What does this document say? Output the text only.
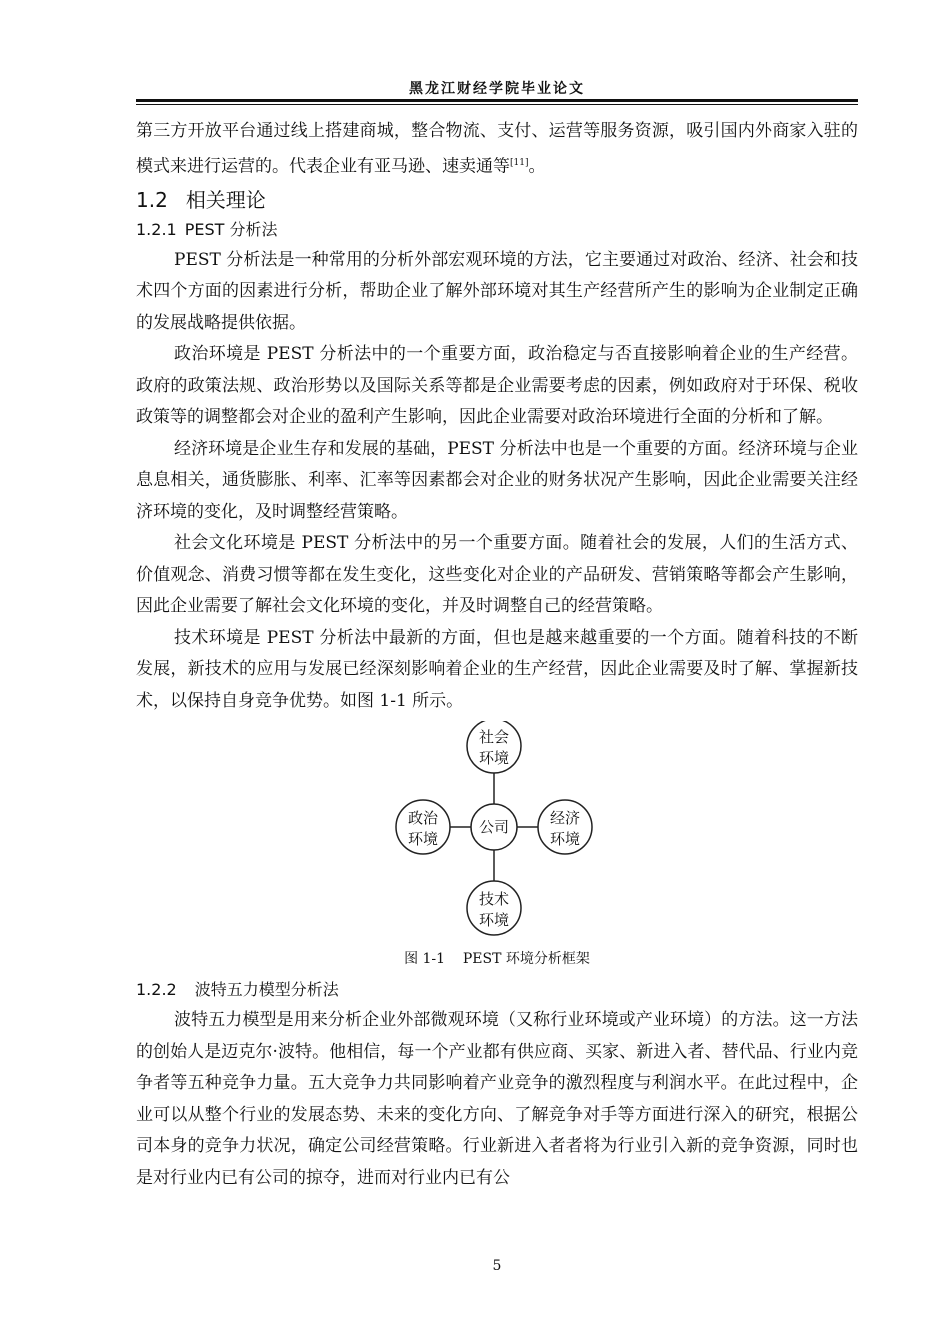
黑龙江财经学院毕业论文

第三方开放平台通过线上搭建商城，整合物流、支付、运营等服务资源，吸引国内外商家入驻的模式来进行运营的。代表企业有亚马逊、速卖通等[11]。

1.2 相关理论
1.2.1 PEST 分析法

PEST 分析法是一种常用的分析外部宏观环境的方法，它主要通过对政治、经济、社会和技术四个方面的因素进行分析，帮助企业了解外部环境对其生产经营所产生的影响为企业制定正确的发展战略提供依据。

政治环境是 PEST 分析法中的一个重要方面，政治稳定与否直接影响着企业的生产经营。政府的政策法规、政治形势以及国际关系等都是企业需要考虑的因素，例如政府对于环保、税收政策等的调整都会对企业的盈利产生影响，因此企业需要对政治环境进行全面的分析和了解。

经济环境是企业生存和发展的基础，PEST 分析法中也是一个重要的方面。经济环境与企业息息相关，通货膨胀、利率、汇率等因素都会对企业的财务状况产生影响，因此企业需要关注经济环境的变化，及时调整经营策略。

社会文化环境是 PEST 分析法中的另一个重要方面。随着社会的发展，人们的生活方式、价值观念、消费习惯等都在发生变化，这些变化对企业的产品研发、营销策略等都会产生影响，因此企业需要了解社会文化环境的变化，并及时调整自己的经营策略。

技术环境是 PEST 分析法中最新的方面，但也是越来越重要的一个方面。随着科技的不断发展，新技术的应用与发展已经深刻影响着企业的生产经营，因此企业需要及时了解、掌握新技术，以保持自身竞争优势。如图 1-1 所示。

公司
社会
环境
政治
环境
经济
环境
技术
环境
图 1-1    PEST 环境分析框架
1.2.2 波特五力模型分析法

波特五力模型是用来分析企业外部微观环境（又称行业环境或产业环境）的方法。这一方法的创始人是迈克尔·波特。他相信，每一个产业都有供应商、买家、新进入者、替代品、行业内竞争者等五种竞争力量。五大竞争力共同影响着产业竞争的激烈程度与利润水平。在此过程中，企业可以从整个行业的发展态势、未来的变化方向、了解竞争对手等方面进行深入的研究，根据公司本身的竞争力状况，确定公司经营策略。行业新进入者者将为行业引入新的竞争资源，同时也是对行业内已有公司的掠夺，进而对行业内已有公

5
